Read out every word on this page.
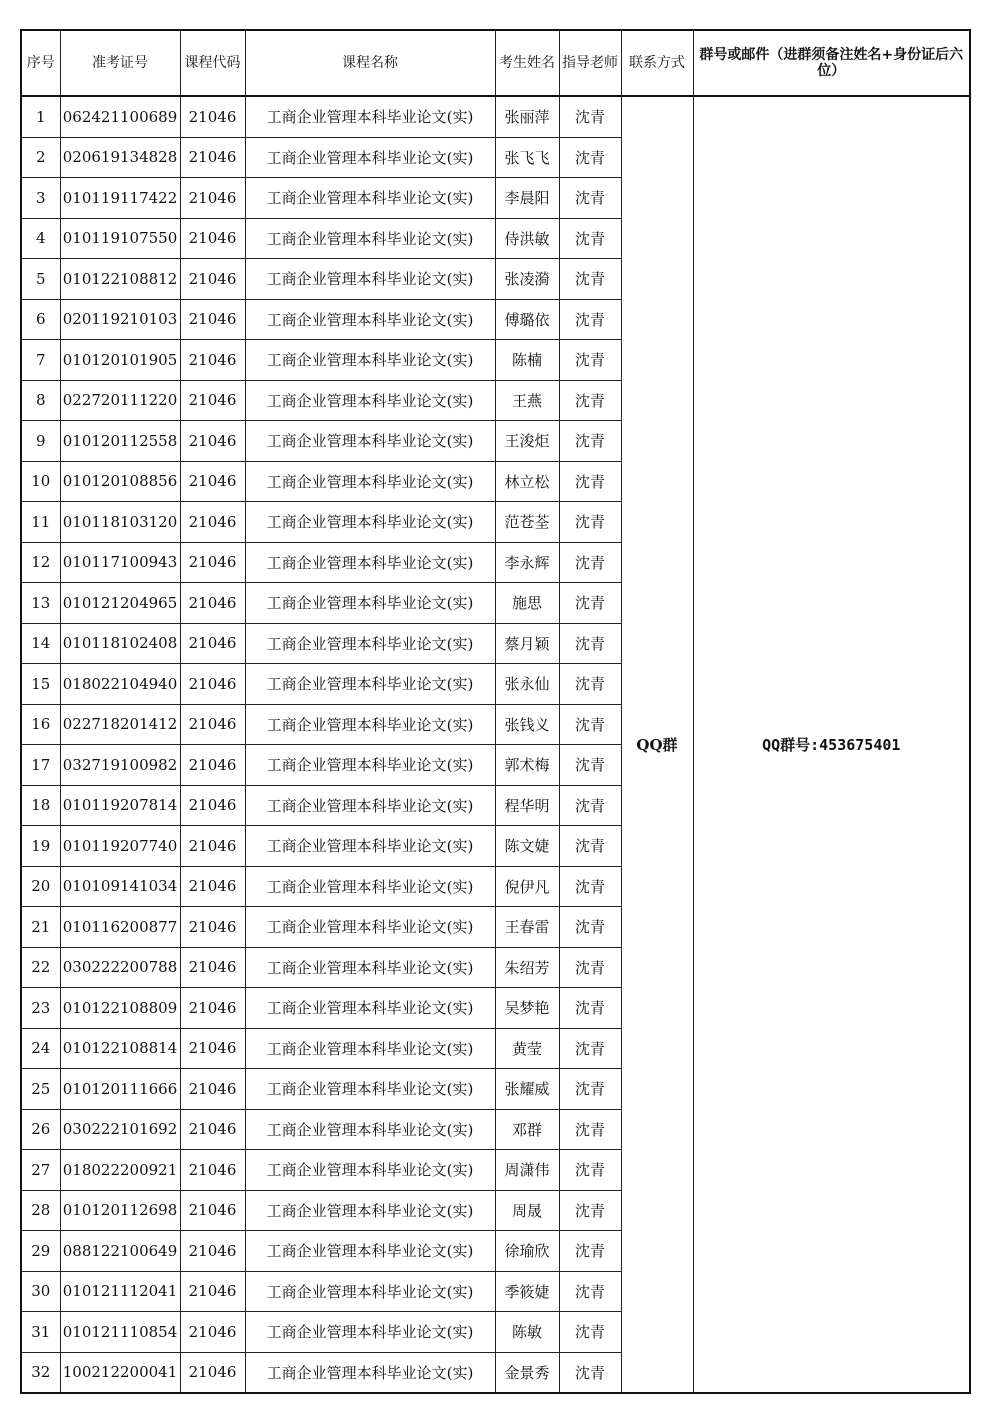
序号	准考证号	课程代码	课程名称	考生姓名	指导老师	联系方式	群号或邮件（进群须备注姓名+身份证后六位）
1	062421100689	21046	工商企业管理本科毕业论文(实)	张丽萍	沈青	QQ群	QQ群号:453675401
2	020619134828	21046	工商企业管理本科毕业论文(实)	张飞飞	沈青		
3	010119117422	21046	工商企业管理本科毕业论文(实)	李晨阳	沈青		
4	010119107550	21046	工商企业管理本科毕业论文(实)	侍洪敏	沈青		
5	010122108812	21046	工商企业管理本科毕业论文(实)	张凌漪	沈青		
6	020119210103	21046	工商企业管理本科毕业论文(实)	傅璐依	沈青		
7	010120101905	21046	工商企业管理本科毕业论文(实)	陈楠	沈青		
8	022720111220	21046	工商企业管理本科毕业论文(实)	王燕	沈青		
9	010120112558	21046	工商企业管理本科毕业论文(实)	王浚炬	沈青		
10	010120108856	21046	工商企业管理本科毕业论文(实)	林立松	沈青		
11	010118103120	21046	工商企业管理本科毕业论文(实)	范苍荃	沈青		
12	010117100943	21046	工商企业管理本科毕业论文(实)	李永辉	沈青		
13	010121204965	21046	工商企业管理本科毕业论文(实)	施思	沈青		
14	010118102408	21046	工商企业管理本科毕业论文(实)	蔡月颖	沈青		
15	018022104940	21046	工商企业管理本科毕业论文(实)	张永仙	沈青		
16	022718201412	21046	工商企业管理本科毕业论文(实)	张钱义	沈青		
17	032719100982	21046	工商企业管理本科毕业论文(实)	郭术梅	沈青		
18	010119207814	21046	工商企业管理本科毕业论文(实)	程华明	沈青		
19	010119207740	21046	工商企业管理本科毕业论文(实)	陈文婕	沈青		
20	010109141034	21046	工商企业管理本科毕业论文(实)	倪伊凡	沈青		
21	010116200877	21046	工商企业管理本科毕业论文(实)	王春雷	沈青		
22	030222200788	21046	工商企业管理本科毕业论文(实)	朱绍芳	沈青		
23	010122108809	21046	工商企业管理本科毕业论文(实)	吴梦艳	沈青		
24	010122108814	21046	工商企业管理本科毕业论文(实)	黄莹	沈青		
25	010120111666	21046	工商企业管理本科毕业论文(实)	张耀威	沈青		
26	030222101692	21046	工商企业管理本科毕业论文(实)	邓群	沈青		
27	018022200921	21046	工商企业管理本科毕业论文(实)	周潇伟	沈青		
28	010120112698	21046	工商企业管理本科毕业论文(实)	周晟	沈青		
29	088122100649	21046	工商企业管理本科毕业论文(实)	徐瑜欣	沈青		
30	010121112041	21046	工商企业管理本科毕业论文(实)	季筱婕	沈青		
31	010121110854	21046	工商企业管理本科毕业论文(实)	陈敏	沈青		
32	100212200041	21046	工商企业管理本科毕业论文(实)	金景秀	沈青		
